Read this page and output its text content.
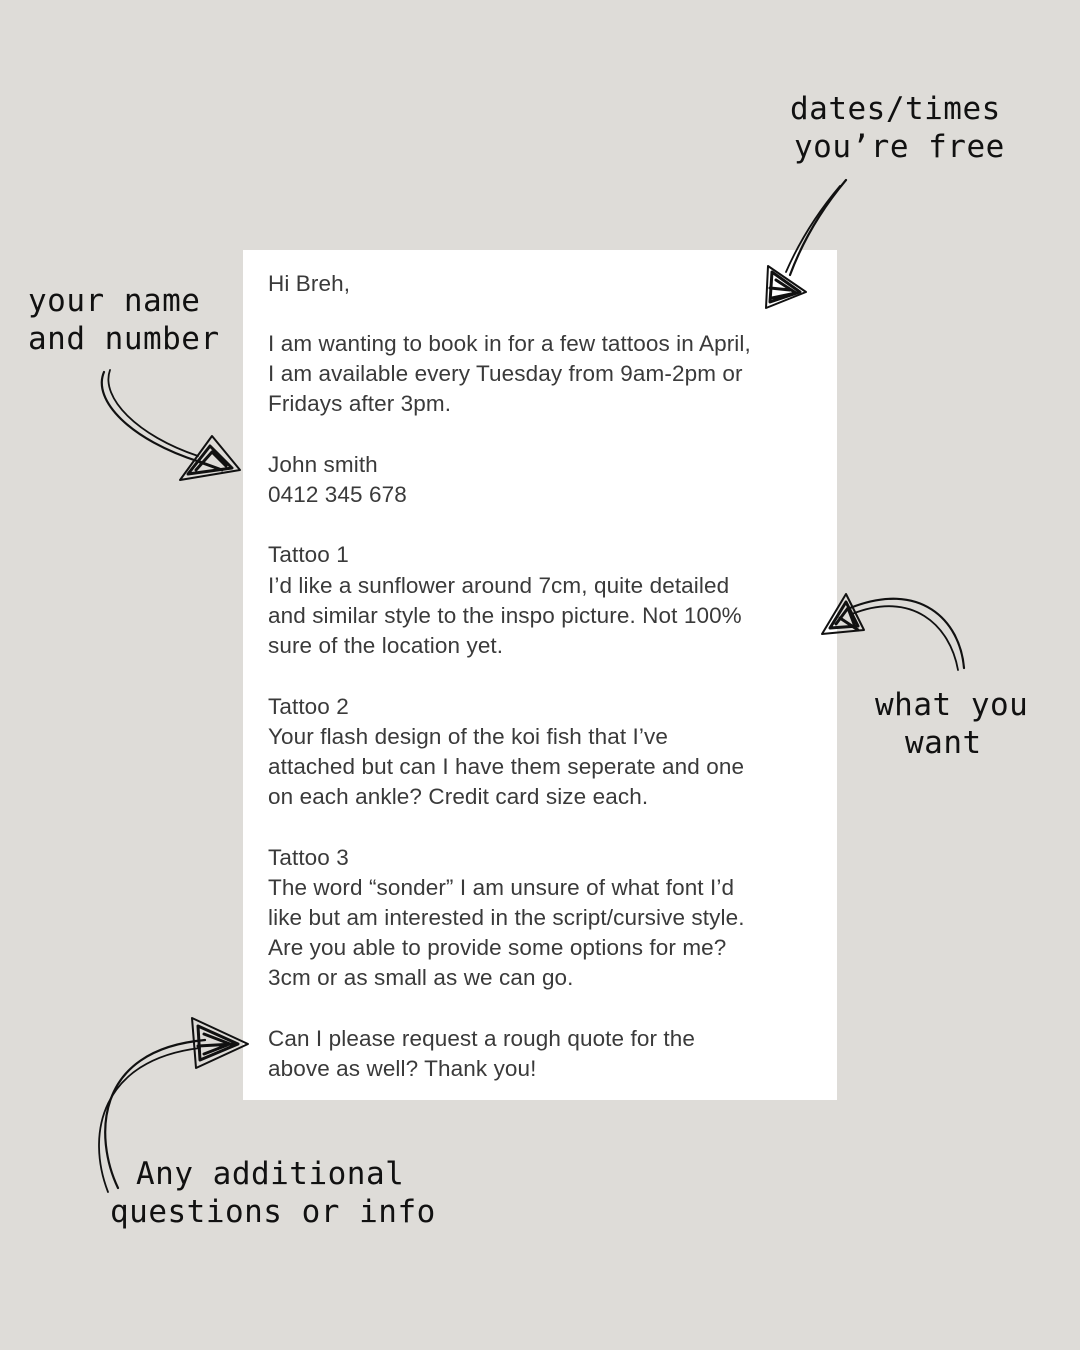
Hi Breh,
I am wanting to book in for a few tattoos in April,
I am available every Tuesday from 9am-2pm or
Fridays after 3pm.
John smith
0412 345 678
Tattoo 1
I’d like a sunflower around 7cm, quite detailed
and similar style to the inspo picture. Not 100%
sure of the location yet.
Tattoo 2
Your flash design of the koi fish that I’ve
attached but can I have them seperate and one
on each ankle? Credit card size each.
Tattoo 3
The word “sonder” I am unsure of what font I’d
like but am interested in the script/cursive style.
Are you able to provide some options for me?
3cm or as small as we can go.
Can I please request a rough quote for the
above as well? Thank you!
dates/times
you’re free
your name
and number
what you
want
Any additional
questions or info
